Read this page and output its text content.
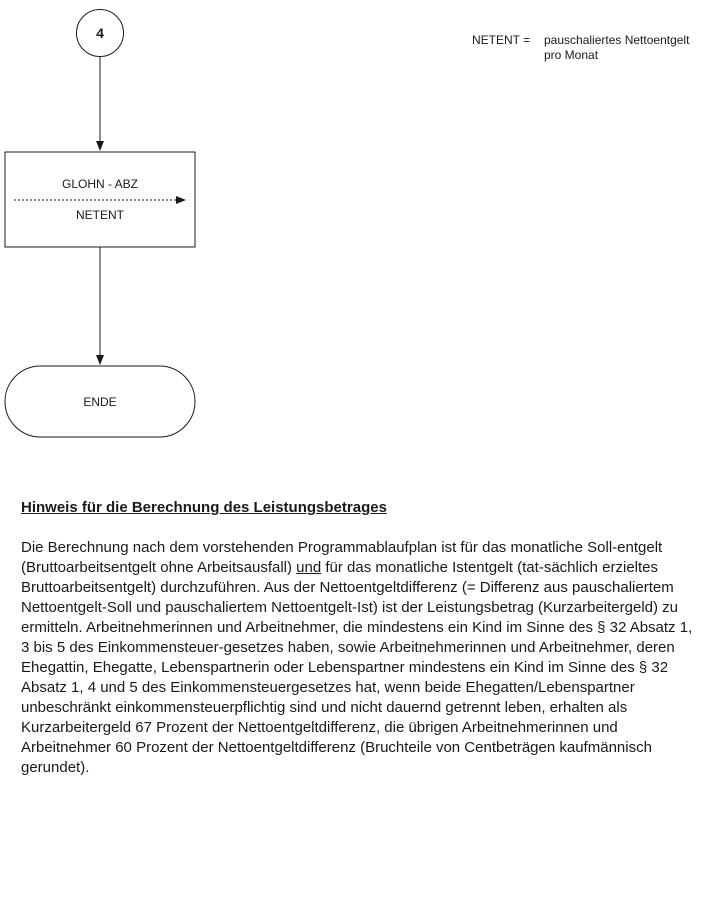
4
GLOHN - ABZ
NETENT
ENDE
NETENT =	pauschaliertes Nettoentgelt
pro Monat
Hinweis für die Berechnung des Leistungsbetrages

Die Berechnung nach dem vorstehenden Programmablaufplan ist für das monatliche Soll-entgelt (Bruttoarbeitsentgelt ohne Arbeitsausfall) und für das monatliche Istentgelt (tat-sächlich erzieltes Bruttoarbeitsentgelt) durchzuführen. Aus der Nettoentgeltdifferenz (= Differenz aus pauschaliertem Nettoentgelt-Soll und pauschaliertem Nettoentgelt-Ist) ist der Leistungsbetrag (Kurzarbeitergeld) zu ermitteln. Arbeitnehmerinnen und Arbeitnehmer, die mindestens ein Kind im Sinne des § 32 Absatz 1, 3 bis 5 des Einkommensteuer-gesetzes haben, sowie Arbeitnehmerinnen und Arbeitnehmer, deren Ehegattin, Ehegatte, Lebenspartnerin oder Lebenspartner mindestens ein Kind im Sinne des § 32 Absatz 1, 4 und 5 des Einkommensteuergesetzes hat, wenn beide Ehegatten/Lebenspartner unbeschränkt einkommensteuerpflichtig sind und nicht dauernd getrennt leben, erhalten als Kurzarbeitergeld 67 Prozent der Nettoentgeltdifferenz, die übrigen Arbeitnehmerinnen und Arbeitnehmer 60 Prozent der Nettoentgeltdifferenz (Bruchteile von Centbeträgen kaufmännisch gerundet).
